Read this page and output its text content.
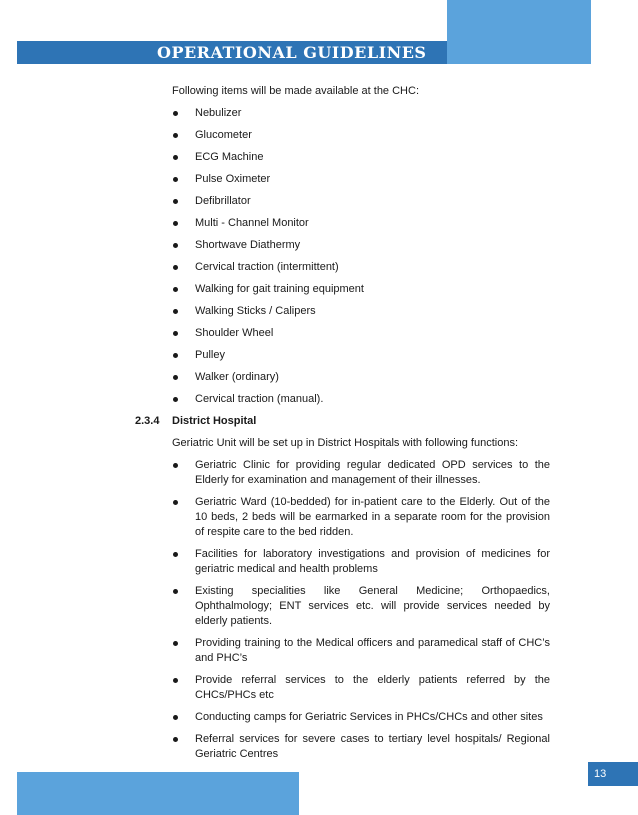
OPERATIONAL GUIDELINES
Following items will be made available at the CHC:
Nebulizer
Glucometer
ECG Machine
Pulse Oximeter
Defibrillator
Multi - Channel Monitor
Shortwave Diathermy
Cervical traction (intermittent)
Walking for gait training equipment
Walking Sticks / Calipers
Shoulder Wheel
Pulley
Walker (ordinary)
Cervical traction (manual).
2.3.4 District Hospital
Geriatric Unit will be set up in District Hospitals with following functions:
Geriatric Clinic for providing regular dedicated OPD services to the Elderly for examination and management of their illnesses.
Geriatric Ward (10-bedded) for in-patient care to the Elderly. Out of the 10 beds, 2 beds will be earmarked in a separate room for the provision of respite care to the bed ridden.
Facilities for laboratory investigations and provision of medicines for geriatric medical and health problems
Existing specialities like General Medicine; Orthopaedics, Ophthalmology; ENT services etc. will provide services needed by elderly patients.
Providing training to the Medical officers and paramedical staff of CHC’s and PHC’s
Provide referral services to the elderly patients referred by the CHCs/PHCs etc
Conducting camps for Geriatric Services in PHCs/CHCs and other sites
Referral services for severe cases to tertiary level hospitals/ Regional Geriatric Centres
13
